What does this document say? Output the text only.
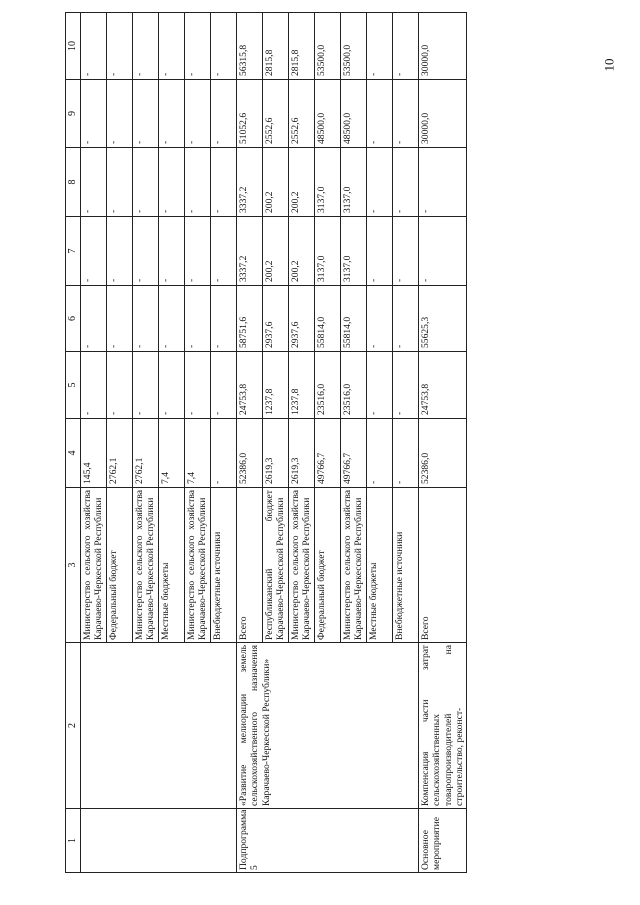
10
1	2	3	4	5	6	7	8	9	10
		Министерство сельского хозяйства Карачаево-Черкесской Республики	145,4	-	-	-	-	-	-
		Федеральный бюджет	2762,1	-	-	-	-	-	-
		Министерство сельского хозяйства Карачаево-Черкесской Республики	2762,1	-	-	-	-	-	-
		Местные бюджеты	7,4	-	-	-	-	-	-
		Министерство сельского хозяйства Карачаево-Черкесской Республики	7,4	-	-	-	-	-	-
		Внебюджетные источники	-	-	-	-	-	-	-
Подпрограмма 5	«Развитие мелиорации земель сельскохозяйственного назначения Карачаево-Черкесской Республики»	Всего	52386,0	24753,8	58751,6	3337,2	3337,2	51052,6	56315,8
		Республиканский бюджет Карачаево-Черкесской Республики	2619,3	1237,8	2937,6	200,2	200,2	2552,6	2815,8
		Министерство сельского хозяйства Карачаево-Черкесской Республики	2619,3	1237,8	2937,6	200,2	200,2	2552,6	2815,8
		Федеральный бюджет	49766,7	23516,0	55814,0	3137,0	3137,0	48500,0	53500,0
		Министерство сельского хозяйства Карачаево-Черкесской Республики	49766,7	23516,0	55814,0	3137,0	3137,0	48500,0	53500,0
		Местные бюджеты	-	-	-	-	-	-	-
		Внебюджетные источники	-	-	-	-	-	-	-
Основное мероприятие	Компенсация части затрат сельскохозяйственных товаропроизводителей на строительство, реконст-	Всего	52386,0	24753,8	55625,3	-	-	30000,0	30000,0
